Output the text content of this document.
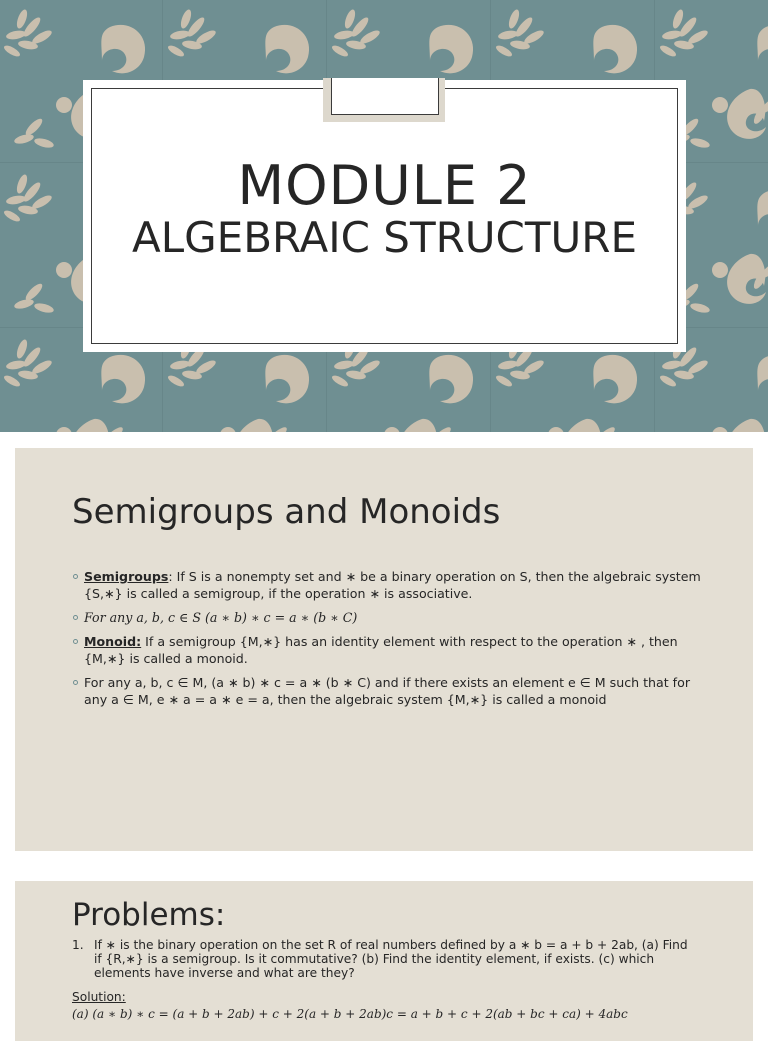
MODULE 2
ALGEBRAIC STRUCTURE
Semigroups and Monoids
Semigroups: If S is a nonempty set and ∗ be a binary operation on S, then the algebraic system {S,∗} is called a semigroup, if the operation ∗ is associative.
For any a, b, c ∈ S (a ∗ b) ∗ c = a ∗ (b ∗ C)
Monoid: If a semigroup {M,∗} has an identity element with respect to the operation ∗ , then {M,∗} is called a monoid.
For any a, b, c ∈ M, (a ∗ b) ∗ c = a ∗ (b ∗ C) and if there exists an element e ∈ M such that for any a ∈ M, e ∗ a = a ∗ e = a, then the algebraic system {M,∗} is called a monoid
Problems:
1. If ∗ is the binary operation on the set R of real numbers defined by a ∗ b = a + b + 2ab, (a) Find if {R,∗} is a semigroup. Is it commutative? (b) Find the identity element, if exists. (c) which elements have inverse and what are they?
Solution:
(a) (a ∗ b) ∗ c = (a + b + 2ab) + c + 2(a + b + 2ab)c = a + b + c + 2(ab + bc + ca) + 4abc
